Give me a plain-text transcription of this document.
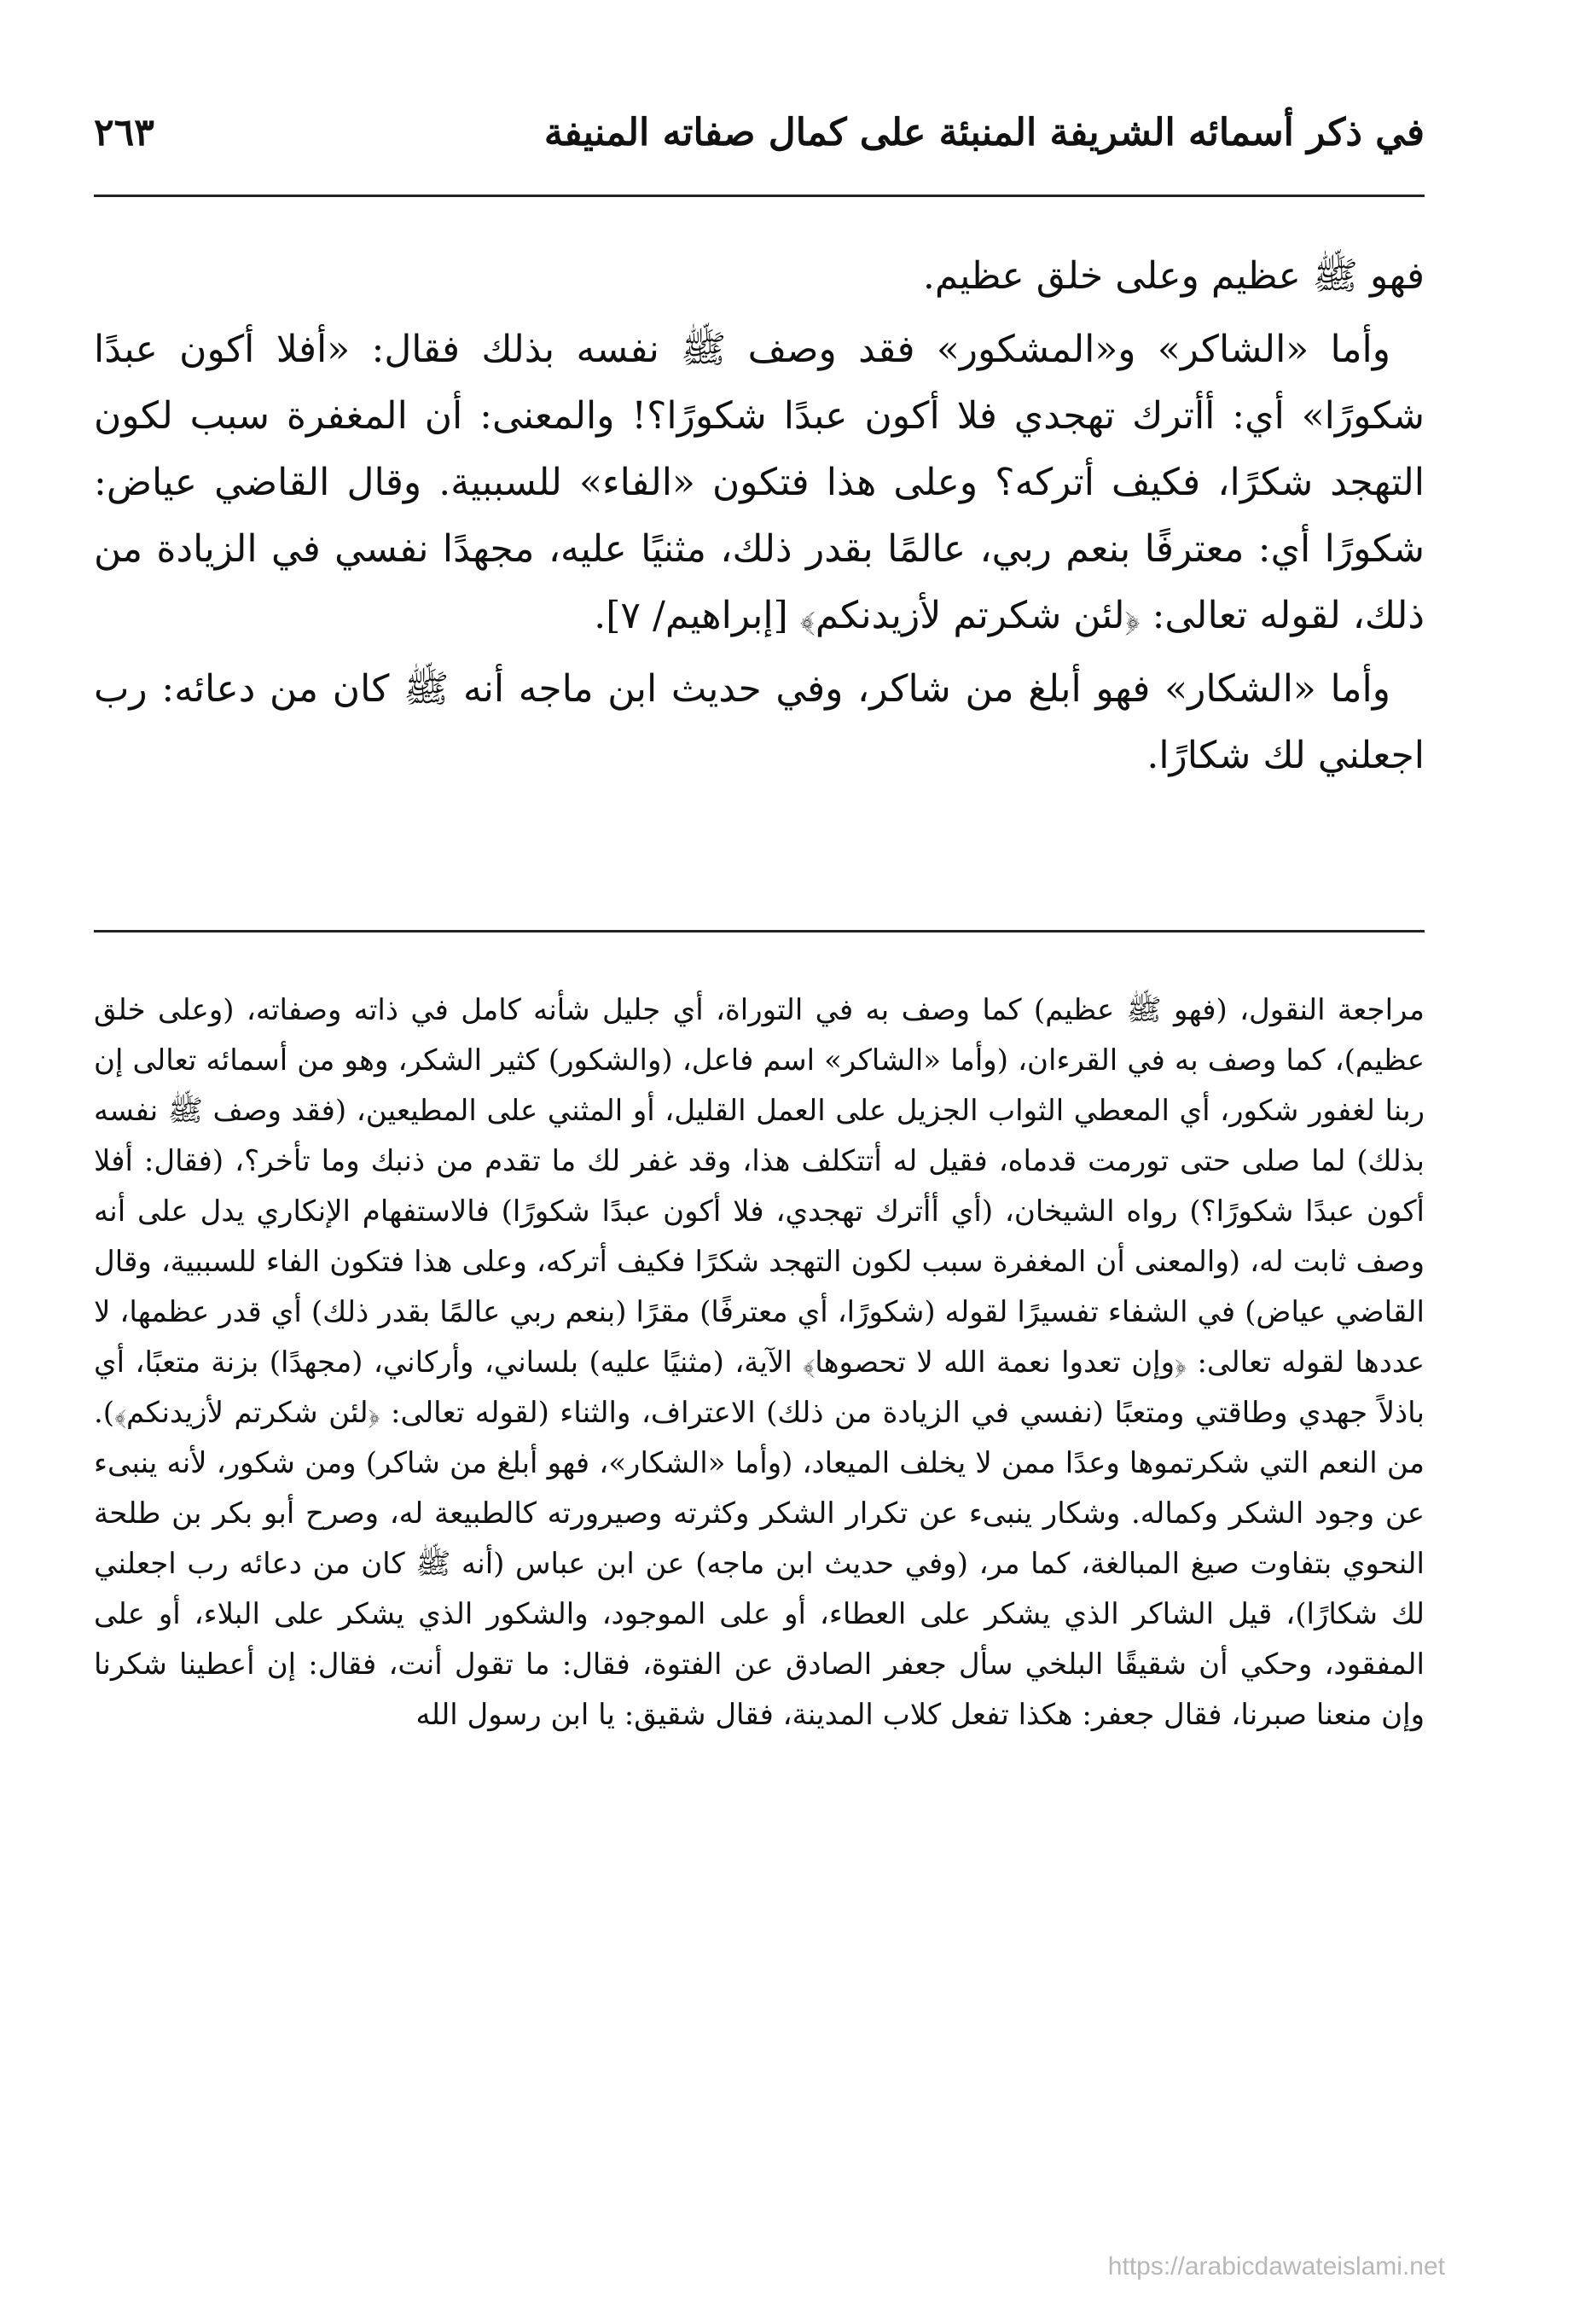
في ذكر أسمائه الشريفة المنبئة على كمال صفاته المنيفة
٢٦٣

فهو ﷺ عظيم وعلى خلق عظيم.

وأما «الشاكر» و«المشكور» فقد وصف ﷺ نفسه بذلك فقال: «أفلا أكون عبدًا شكورًا» أي: أأترك تهجدي فلا أكون عبدًا شكورًا؟! والمعنى: أن المغفرة سبب لكون التهجد شكرًا، فكيف أتركه؟ وعلى هذا فتكون «الفاء» للسببية. وقال القاضي عياض: شكورًا أي: معترفًا بنعم ربي، عالمًا بقدر ذلك، مثنيًا عليه، مجهدًا نفسي في الزيادة من ذلك، لقوله تعالى: ﴿لئن شكرتم لأزيدنكم﴾ [إبراهيم/ ٧].

وأما «الشكار» فهو أبلغ من شاكر، وفي حديث ابن ماجه أنه ﷺ كان من دعائه: رب اجعلني لك شكارًا.

مراجعة النقول، (فهو ﷺ عظيم) كما وصف به في التوراة، أي جليل شأنه كامل في ذاته وصفاته، (وعلى خلق عظيم)، كما وصف به في القرءان، (وأما «الشاكر» اسم فاعل، (والشكور) كثير الشكر، وهو من أسمائه تعالى إن ربنا لغفور شكور، أي المعطي الثواب الجزيل على العمل القليل، أو المثني على المطيعين، (فقد وصف ﷺ نفسه بذلك) لما صلى حتى تورمت قدماه، فقيل له أتتكلف هذا، وقد غفر لك ما تقدم من ذنبك وما تأخر؟، (فقال: أفلا أكون عبدًا شكورًا؟) رواه الشيخان، (أي أأترك تهجدي، فلا أكون عبدًا شكورًا) فالاستفهام الإنكاري يدل على أنه وصف ثابت له، (والمعنى أن المغفرة سبب لكون التهجد شكرًا فكيف أتركه، وعلى هذا فتكون الفاء للسببية، وقال القاضي عياض) في الشفاء تفسيرًا لقوله (شكورًا، أي معترفًا) مقرًا (بنعم ربي عالمًا بقدر ذلك) أي قدر عظمها، لا عددها لقوله تعالى: ﴿وإن تعدوا نعمة الله لا تحصوها﴾ الآية، (مثنيًا عليه) بلساني، وأركاني، (مجهدًا) بزنة متعبًا، أي باذلاً جهدي وطاقتي ومتعبًا (نفسي في الزيادة من ذلك) الاعتراف، والثناء (لقوله تعالى: ﴿لئن شكرتم لأزيدنكم﴾). من النعم التي شكرتموها وعدًا ممن لا يخلف الميعاد، (وأما «الشكار»، فهو أبلغ من شاكر) ومن شكور، لأنه ينبىء عن وجود الشكر وكماله. وشكار ينبىء عن تكرار الشكر وكثرته وصيرورته كالطبيعة له، وصرح أبو بكر بن طلحة النحوي بتفاوت صيغ المبالغة، كما مر، (وفي حديث ابن ماجه) عن ابن عباس (أنه ﷺ كان من دعائه رب اجعلني لك شكارًا)، قيل الشاكر الذي يشكر على العطاء، أو على الموجود، والشكور الذي يشكر على البلاء، أو على المفقود، وحكي أن شقيقًا البلخي سأل جعفر الصادق عن الفتوة، فقال: ما تقول أنت، فقال: إن أعطينا شكرنا وإن منعنا صبرنا، فقال جعفر: هكذا تفعل كلاب المدينة، فقال شقيق: يا ابن رسول الله

https://arabicdawateislami.net
